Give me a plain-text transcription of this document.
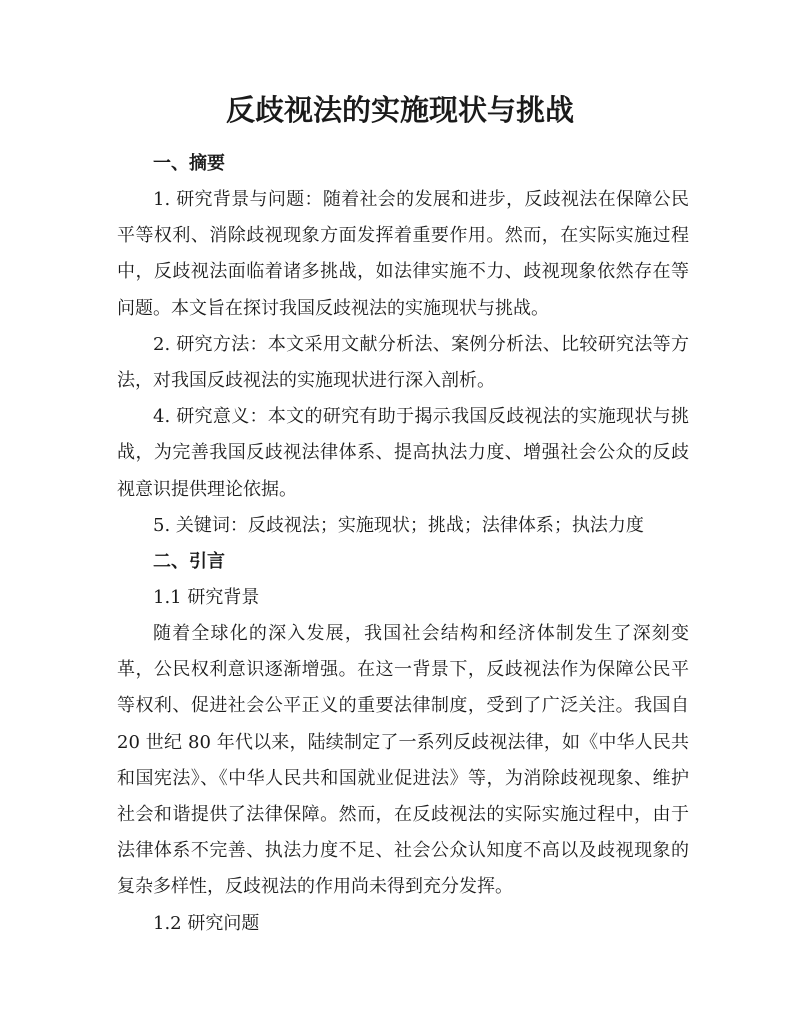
反歧视法的实施现状与挑战

一、摘要

1. 研究背景与问题：随着社会的发展和进步，反歧视法在保障公民平等权利、消除歧视现象方面发挥着重要作用。然而，在实际实施过程中，反歧视法面临着诸多挑战，如法律实施不力、歧视现象依然存在等问题。本文旨在探讨我国反歧视法的实施现状与挑战。

2. 研究方法：本文采用文献分析法、案例分析法、比较研究法等方法，对我国反歧视法的实施现状进行深入剖析。

4. 研究意义：本文的研究有助于揭示我国反歧视法的实施现状与挑战，为完善我国反歧视法律体系、提高执法力度、增强社会公众的反歧视意识提供理论依据。

5. 关键词：反歧视法；实施现状；挑战；法律体系；执法力度

二、引言

1.1 研究背景

随着全球化的深入发展，我国社会结构和经济体制发生了深刻变革，公民权利意识逐渐增强。在这一背景下，反歧视法作为保障公民平等权利、促进社会公平正义的重要法律制度，受到了广泛关注。我国自 20 世纪 80 年代以来，陆续制定了一系列反歧视法律，如《中华人民共和国宪法》、《中华人民共和国就业促进法》等，为消除歧视现象、维护社会和谐提供了法律保障。然而，在反歧视法的实际实施过程中，由于法律体系不完善、执法力度不足、社会公众认知度不高以及歧视现象的复杂多样性，反歧视法的作用尚未得到充分发挥。

1.2 研究问题
